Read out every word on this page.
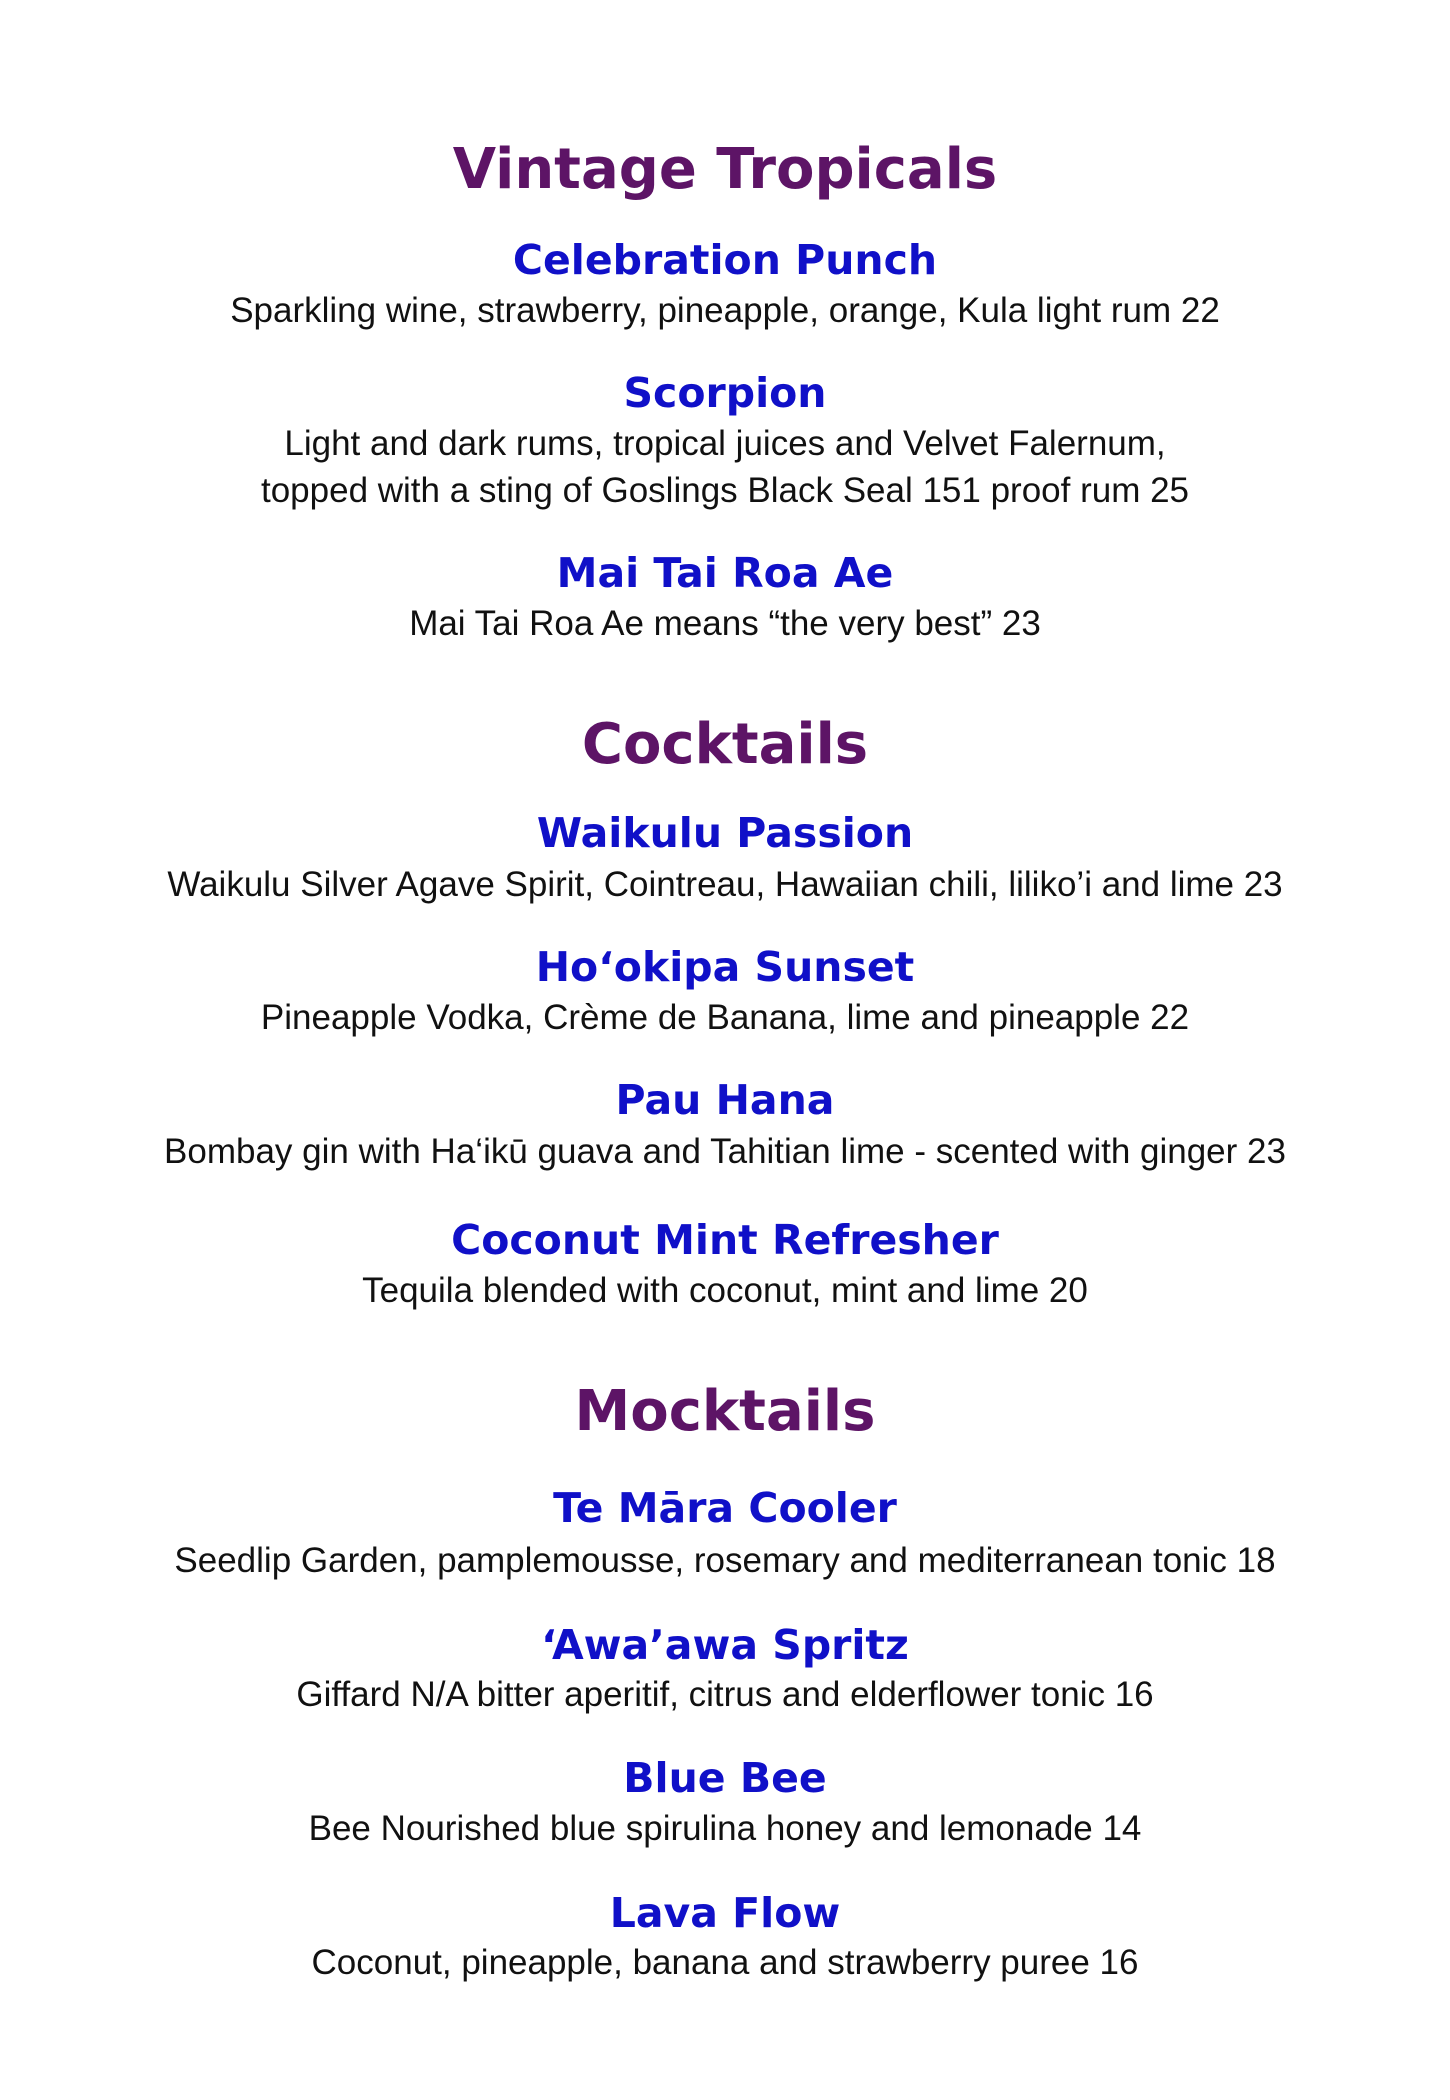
Vintage Tropicals
Celebration Punch

Sparkling wine, strawberry, pineapple, orange, Kula light rum 22

Scorpion

Light and dark rums, tropical juices and Velvet Falernum,

topped with a sting of Goslings Black Seal 151 proof rum 25

Mai Tai Roa Ae

Mai Tai Roa Ae means “the very best” 23

Cocktails
Waikulu Passion

Waikulu Silver Agave Spirit, Cointreau, Hawaiian chili, liliko’i and lime 23

Ho‘okipa Sunset

Pineapple Vodka, Crème de Banana, lime and pineapple 22

Pau Hana

Bombay gin with Ha‘ikū guava and Tahitian lime - scented with ginger 23

Coconut Mint Refresher

Tequila blended with coconut, mint and lime 20

Mocktails
Te Māra Cooler

Seedlip Garden, pamplemousse, rosemary and mediterranean tonic 18

‘Awa’awa Spritz

Giffard N/A bitter aperitif, citrus and elderflower tonic 16

Blue Bee

Bee Nourished blue spirulina honey and lemonade 14

Lava Flow

Coconut, pineapple, banana and strawberry puree 16
